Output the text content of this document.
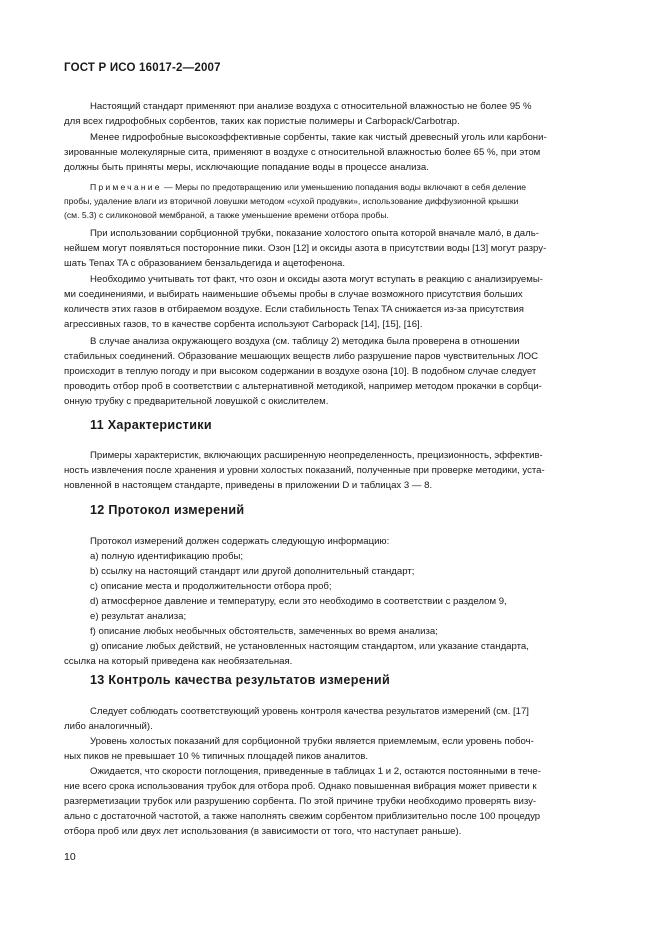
ГОСТ Р ИСО 16017-2—2007
Настоящий стандарт применяют при анализе воздуха с относительной влажностью не более 95 %
для всех гидрофобных сорбентов, таких как пористые полимеры и Carbopack/Carbotrap.
Менее гидрофобные высокоэффективные сорбенты, такие как чистый древесный уголь или карбони-
зированные молекулярные сита, применяют в воздухе с относительной влажностью более 65 %, при этом
должны быть приняты меры, исключающие попадание воды в процессе анализа.
Примечание — Меры по предотвращению или уменьшению попадания воды включают в себя деление
пробы, удаление влаги из вторичной ловушки методом «сухой продувки», использование диффузионной крышки
(см. 5.3) с силиконовой мембраной, а также уменьшение времени отбора пробы.
При использовании сорбционной трубки, показание холостого опыта которой вначале мало́, в даль-
нейшем могут появляться посторонние пики. Озон [12] и оксиды азота в присутствии воды [13] могут разру-
шать Tenax TA с образованием бензальдегида и ацетофенона.
Необходимо учитывать тот факт, что озон и оксиды азота могут вступать в реакцию с анализируемы-
ми соединениями, и выбирать наименьшие объемы пробы в случае возможного присутствия больших
количеств этих газов в отбираемом воздухе. Если стабильность Tenax TA снижается из-за присутствия
агрессивных газов, то в качестве сорбента используют Carbopack [14], [15], [16].
В случае анализа окружающего воздуха (см. таблицу 2) методика была проверена в отношении
стабильных соединений. Образование мешающих веществ либо разрушение паров чувствительных ЛОС
происходит в теплую погоду и при высоком содержании в воздухе озона [10]. В подобном случае следует
проводить отбор проб в соответствии с альтернативной методикой, например методом прокачки в сорбци-
онную трубку с предварительной ловушкой с окислителем.
11 Характеристики
Примеры характеристик, включающих расширенную неопределенность, прецизионность, эффектив-
ность извлечения после хранения и уровни холостых показаний, полученные при проверке методики, уста-
новленной в настоящем стандарте, приведены в приложении D и таблицах 3 — 8.
12 Протокол измерений
Протокол измерений должен содержать следующую информацию:
а) полную идентификацию пробы;
b) ссылку на настоящий стандарт или другой дополнительный стандарт;
c) описание места и продолжительности отбора проб;
d) атмосферное давление и температуру, если это необходимо в соответствии с разделом 9,
е) результат анализа;
f) описание любых необычных обстоятельств, замеченных во время анализа;
g) описание любых действий, не установленных настоящим стандартом, или указание стандарта,
ссылка на который приведена как необязательная.
13 Контроль качества результатов измерений
Следует соблюдать соответствующий уровень контроля качества результатов измерений (см. [17]
либо аналогичный).
Уровень холостых показаний для сорбционной трубки является приемлемым, если уровень побоч-
ных пиков не превышает 10 % типичных площадей пиков аналитов.
Ожидается, что скорости поглощения, приведенные в таблицах 1 и 2, остаются постоянными в тече-
ние всего срока использования трубок для отбора проб. Однако повышенная вибрация может привести к
разгерметизации трубок или разрушению сорбента. По этой причине трубки необходимо проверять визу-
ально с достаточной частотой, а также наполнять свежим сорбентом приблизительно после 100 процедур
отбора проб или двух лет использования (в зависимости от того, что наступает раньше).
10
